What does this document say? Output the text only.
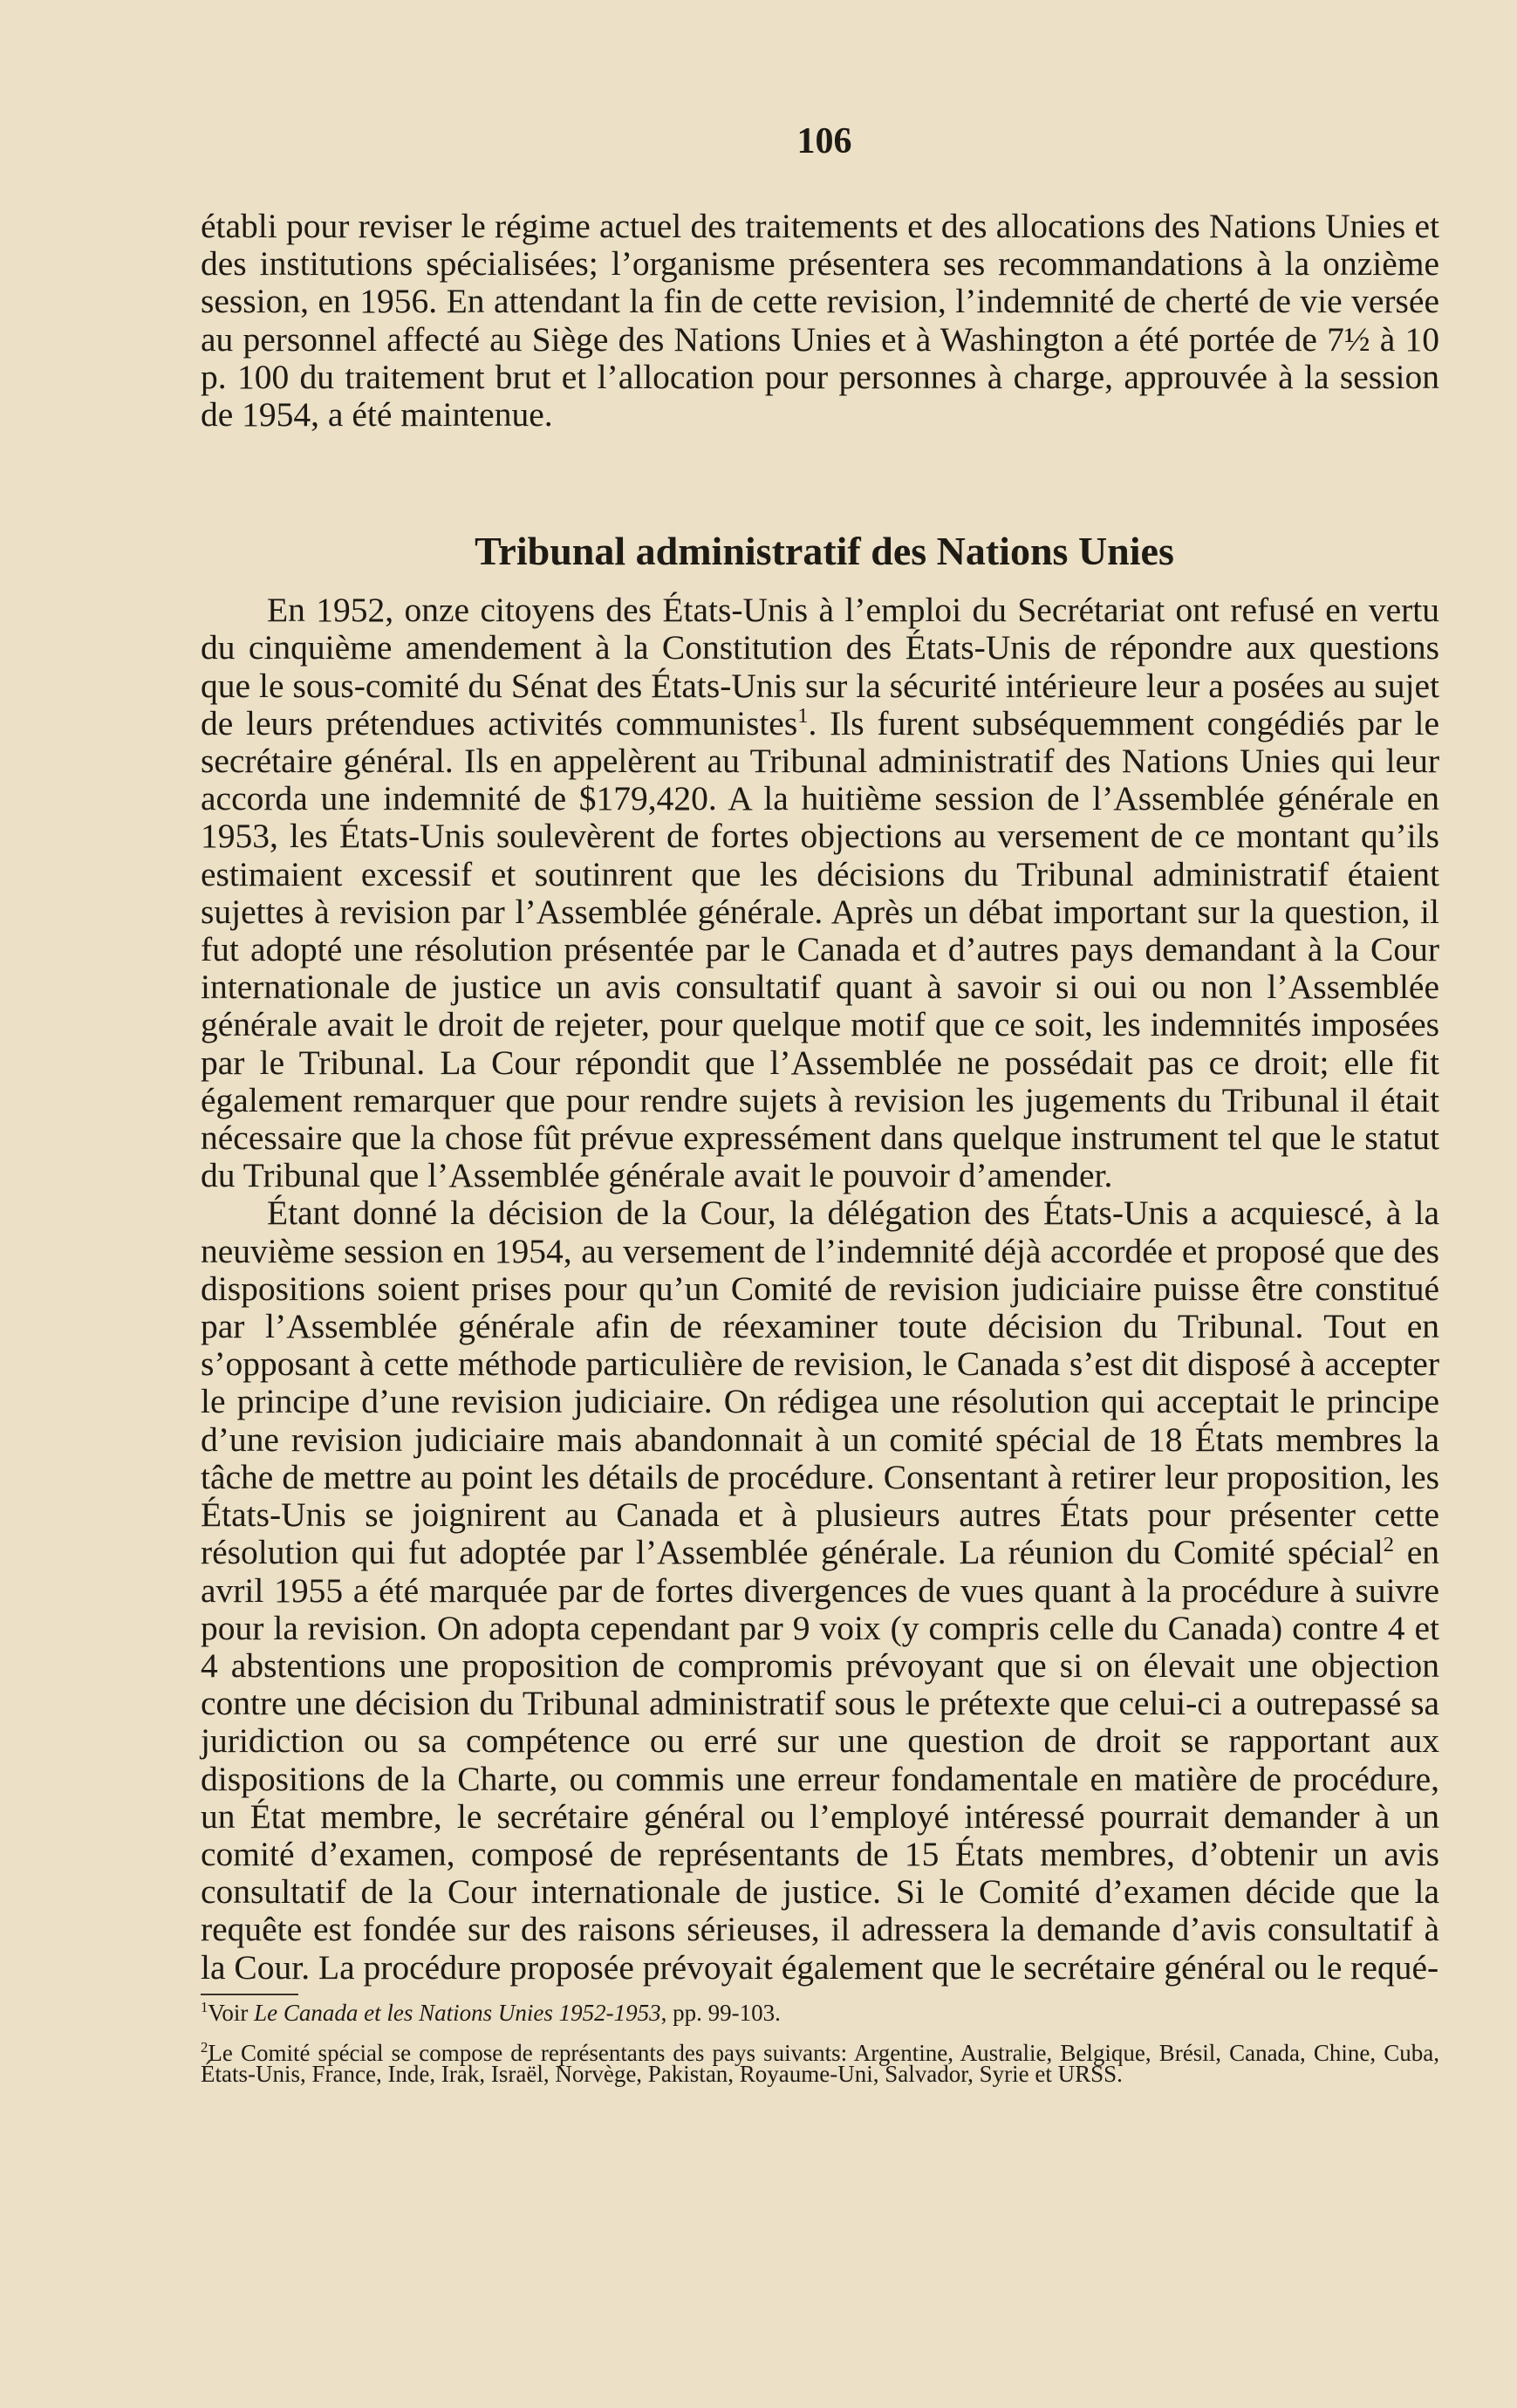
106

établi pour reviser le régime actuel des traitements et des allocations des Nations Unies et des institutions spécialisées; l’organisme présentera ses recommandations à la onzième session, en 1956. En attendant la fin de cette revision, l’indemnité de cherté de vie versée au personnel affecté au Siège des Nations Unies et à Washington a été portée de 7½ à 10 p. 100 du traitement brut et l’allocation pour personnes à charge, approuvée à la session de 1954, a été maintenue.

Tribunal administratif des Nations Unies

En 1952, onze citoyens des États-Unis à l’emploi du Secrétariat ont refusé en vertu du cinquième amendement à la Constitution des États-Unis de répondre aux questions que le sous-comité du Sénat des États-Unis sur la sécurité intérieure leur a posées au sujet de leurs prétendues activités communistes$^1$. Ils furent subséquemment congédiés par le secrétaire général. Ils en appelèrent au Tribunal administratif des Nations Unies qui leur accorda une indemnité de $179,420. A la huitième session de l’Assemblée générale en 1953, les États-Unis soulevèrent de fortes objections au versement de ce montant qu’ils estimaient excessif et soutinrent que les décisions du Tribunal administratif étaient sujettes à revision par l’Assemblée générale. Après un débat important sur la question, il fut adopté une résolution présentée par le Canada et d’autres pays demandant à la Cour internationale de justice un avis consultatif quant à savoir si oui ou non l’Assemblée générale avait le droit de rejeter, pour quelque motif que ce soit, les indemnités imposées par le Tribunal. La Cour répondit que l’Assemblée ne possédait pas ce droit; elle fit également remarquer que pour rendre sujets à revision les jugements du Tribunal il était nécessaire que la chose fût prévue expressément dans quelque instrument tel que le statut du Tribunal que l’Assemblée générale avait le pouvoir d’amender.

Étant donné la décision de la Cour, la délégation des États-Unis a acquiescé, à la neuvième session en 1954, au versement de l’indemnité déjà accordée et proposé que des dispositions soient prises pour qu’un Comité de revision judiciaire puisse être constitué par l’Assemblée générale afin de réexaminer toute décision du Tribunal. Tout en s’opposant à cette méthode particulière de revision, le Canada s’est dit disposé à accepter le principe d’une revision judiciaire. On rédigea une résolution qui acceptait le principe d’une revision judiciaire mais abandonnait à un comité spécial de 18 États membres la tâche de mettre au point les détails de procédure. Consentant à retirer leur proposition, les États-Unis se joignirent au Canada et à plusieurs autres États pour présenter cette résolution qui fut adoptée par l’Assemblée générale. La réunion du Comité spécial$^2$ en avril 1955 a été marquée par de fortes divergences de vues quant à la procédure à suivre pour la revision. On adopta cependant par 9 voix (y compris celle du Canada) contre 4 et 4 abstentions une proposition de compromis prévoyant que si on élevait une objection contre une décision du Tribunal administratif sous le prétexte que celui-ci a outrepassé sa juridiction ou sa compétence ou erré sur une question de droit se rapportant aux dispositions de la Charte, ou commis une erreur fondamentale en matière de procédure, un État membre, le secrétaire général ou l’employé intéressé pourrait demander à un comité d’examen, composé de représentants de 15 États membres, d’obtenir un avis consultatif de la Cour internationale de justice. Si le Comité d’examen décide que la requête est fondée sur des raisons sérieuses, il adressera la demande d’avis consultatif à la Cour. La procédure proposée prévoyait également que le secrétaire général ou le requé-

$^1$Voir Le Canada et les Nations Unies 1952-1953, pp. 99-103.

$^2$Le Comité spécial se compose de représentants des pays suivants: Argentine, Australie, Belgique, Brésil, Canada, Chine, Cuba, États-Unis, France, Inde, Irak, Israël, Norvège, Pakistan, Royaume-Uni, Salvador, Syrie et URSS.
